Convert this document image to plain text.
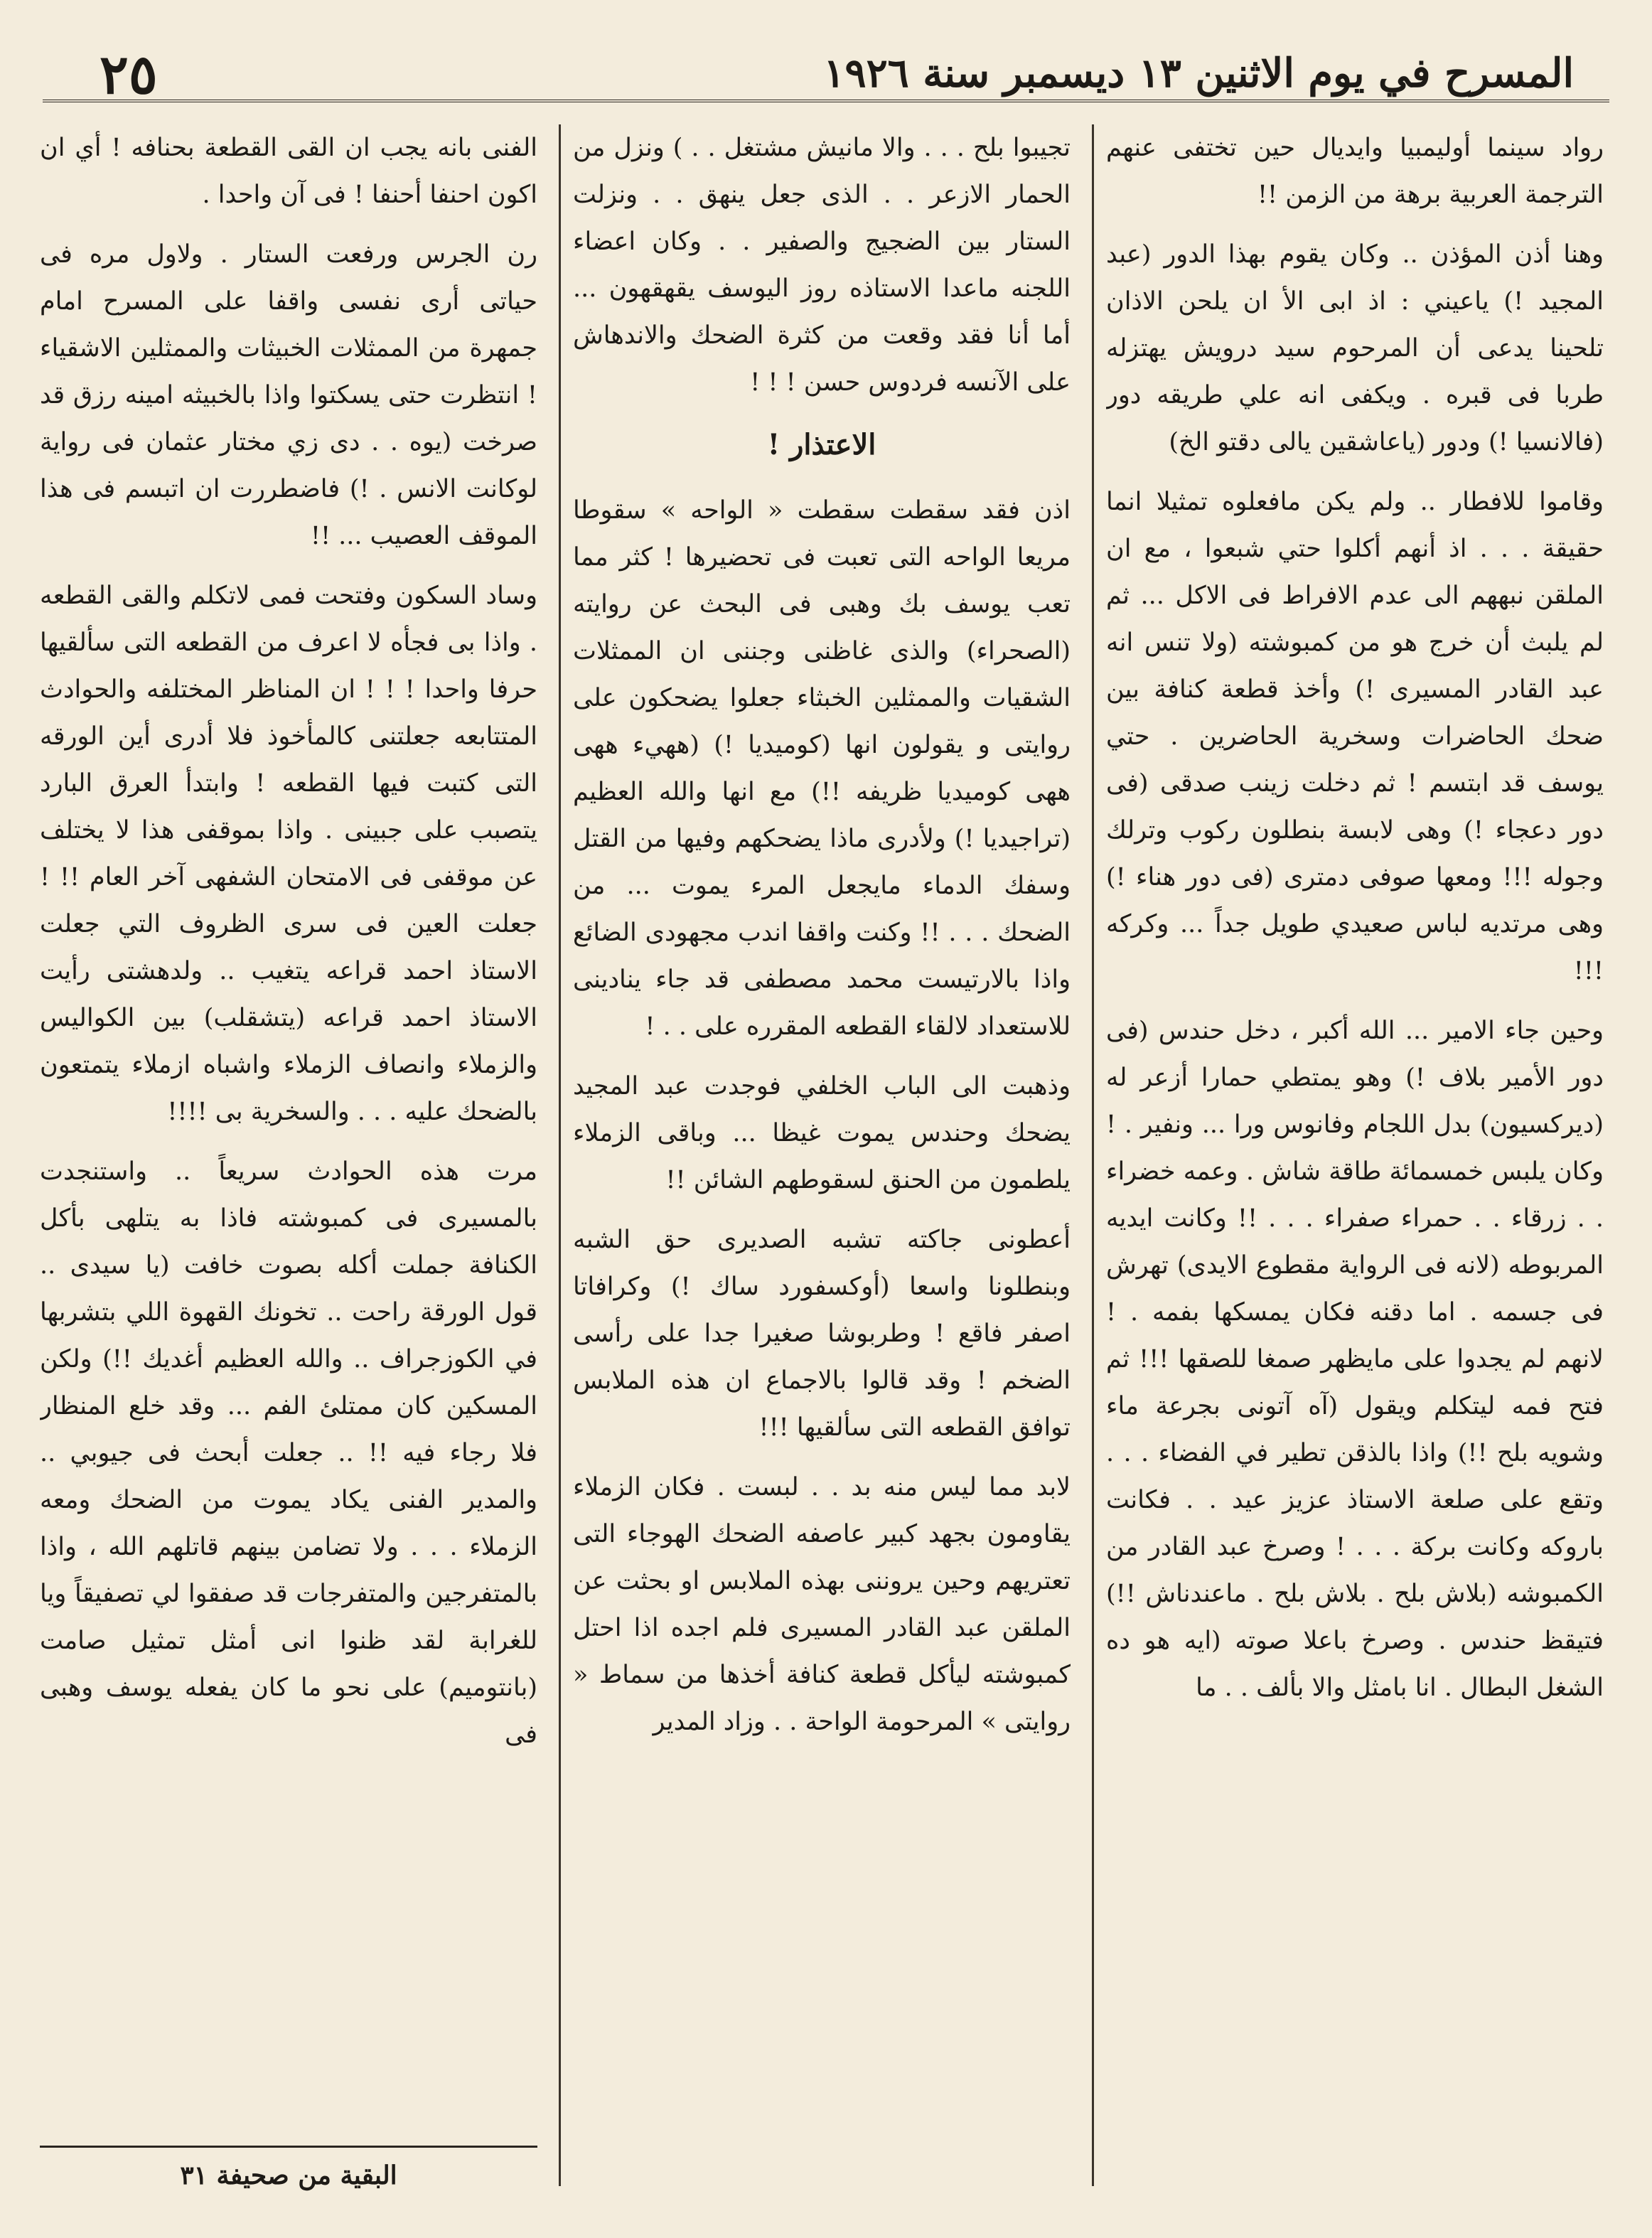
٢٥	المسرح في يوم الاثنين ١٣ ديسمبر سنة ١٩٢٦

رواد سينما أوليمبيا وايديال حين تختفى عنهم الترجمة العربية برهة من الزمن !!

وهنا أذن المؤذن .. وكان يقوم بهذا الدور (عبد المجيد !) ياعيني : اذ ابى الأ ان يلحن الاذان تلحينا يدعى أن المرحوم سيد درويش يهتزله طربا فى قبره . ويكفى انه علي طريقه دور (فالانسيا !) ودور (ياعاشقين يالى دقتو الخ)

وقاموا للافطار .. ولم يكن مافعلوه تمثيلا انما حقيقة . . . اذ أنهم أكلوا حتي شبعوا ، مع ان الملقن نبههم الى عدم الافراط فى الاكل ... ثم لم يلبث أن خرج هو من كمبوشته (ولا تنس انه عبد القادر المسيرى !) وأخذ قطعة كنافة بين ضحك الحاضرات وسخرية الحاضرين . حتي يوسف قد ابتسم ! ثم دخلت زينب صدقى (فى دور دعجاء !) وهى لابسة بنطلون ركوب وترلك وجوله !!! ومعها صوفى دمترى (فى دور هناء !) وهى مرتديه لباس صعيدي طويل جداً ... وكركه !!!

وحين جاء الامير ... الله أكبر ، دخل حندس (فى دور الأمير بلاف !) وهو يمتطي حمارا أزعر له (ديركسيون) بدل اللجام وفانوس ورا ... ونفير . ! وكان يلبس خمسمائة طاقة شاش . وعمه خضراء . . زرقاء . . حمراء صفراء . . . !! وكانت ايديه المربوطه (لانه فى الرواية مقطوع الايدى) تهرش فى جسمه . اما دقنه فكان يمسكها بفمه . ! لانهم لم يجدوا على مايظهر صمغا للصقها !!! ثم فتح فمه ليتكلم ويقول (آه آتونى بجرعة ماء وشويه بلح !!) واذا بالذقن تطير في الفضاء . . . وتقع على صلعة الاستاذ عزيز عيد . . فكانت باروكه وكانت بركة . . . ! وصرخ عبد القادر من الكمبوشه (بلاش بلح . بلاش بلح . ماعندناش !!) فتيقظ حندس . وصرخ باعلا صوته (ايه هو ده الشغل البطال . انا بامثل والا بألف . . ما

تجيبوا بلح . . . والا مانيش مشتغل . . ) ونزل من الحمار الازعر . . الذى جعل ينهق . . ونزلت الستار بين الضجيج والصفير . . وكان اعضاء اللجنه ماعدا الاستاذه روز اليوسف يقهقهون ... أما أنا فقد وقعت من كثرة الضحك والاندهاش على الآنسه فردوس حسن ! ! !

الاعتذار !

اذن فقد سقطت سقطت « الواحه » سقوطا مريعا الواحه التى تعبت فى تحضيرها ! كثر مما تعب يوسف بك وهبى فى البحث عن روايته (الصحراء) والذى غاظنى وجننى ان الممثلات الشقيات والممثلين الخبثاء جعلوا يضحكون على روايتى و يقولون انها (كوميديا !) (ههيء ههى ههى كوميديا ظريفه !!) مع انها والله العظيم (تراجيديا !) ولأدرى ماذا يضحكهم وفيها من القتل وسفك الدماء مايجعل المرء يموت ... من الضحك . . . !! وكنت واقفا اندب مجهودى الضائع واذا بالارتيست محمد مصطفى قد جاء ينادينى للاستعداد لالقاء القطعه المقرره على . . !

وذهبت الى الباب الخلفي فوجدت عبد المجيد يضحك وحندس يموت غيظا ... وباقى الزملاء يلطمون من الحنق لسقوطهم الشائن !!

أعطونى جاكته تشبه الصديرى حق الشبه وبنطلونا واسعا (أوكسفورد ساك !) وكرافاتا اصفر فاقع ! وطربوشا صغيرا جدا على رأسى الضخم ! وقد قالوا بالاجماع ان هذه الملابس توافق القطعه التى سألقيها !!!

لابد مما ليس منه بد . . لبست . فكان الزملاء يقاومون بجهد كبير عاصفه الضحك الهوجاء التى تعتريهم وحين يروننى بهذه الملابس او بحثت عن الملقن عبد القادر المسيرى فلم اجده اذا احتل كمبوشته ليأكل قطعة كنافة أخذها من سماط « روايتى » المرحومة الواحة . . وزاد المدير

الفنى بانه يجب ان القى القطعة بحنافه ! أي ان اكون احنفا أحنفا ! فى آن واحدا .

رن الجرس ورفعت الستار . ولاول مره فى حياتى أرى نفسى واقفا على المسرح امام جمهرة من الممثلات الخبيثات والممثلين الاشقياء ! انتظرت حتى يسكتوا واذا بالخبيثه امينه رزق قد صرخت (يوه . . دى زي مختار عثمان فى رواية لوكانت الانس . !) فاضطررت ان اتبسم فى هذا الموقف العصيب ... !!

وساد السكون وفتحت فمى لاتكلم والقى القطعه . واذا بى فجأه لا اعرف من القطعه التى سألقيها حرفا واحدا ! ! ! ان المناظر المختلفه والحوادث المتتابعه جعلتنى كالمأخوذ فلا أدرى أين الورقه التى كتبت فيها القطعه ! وابتدأ العرق البارد يتصبب على جبينى . واذا بموقفى هذا لا يختلف عن موقفى فى الامتحان الشفهى آخر العام !! ! جعلت العين فى سرى الظروف التي جعلت الاستاذ احمد قراعه يتغيب .. ولدهشتى رأيت الاستاذ احمد قراعه (يتشقلب) بين الكواليس والزملاء وانصاف الزملاء واشباه ازملاء يتمتعون بالضحك عليه . . . والسخرية بى !!!!

مرت هذه الحوادث سريعاً .. واستنجدت بالمسيرى فى كمبوشته فاذا به يتلهى بأكل الكنافة جملت أكله بصوت خافت (يا سيدى .. قول الورقة راحت .. تخونك القهوة اللي بتشربها في الكوزجراف .. والله العظيم أغديك !!) ولكن المسكين كان ممتلئ الفم ... وقد خلع المنظار فلا رجاء فيه !! .. جعلت أبحث فى جيوبي .. والمدير الفنى يكاد يموت من الضحك ومعه الزملاء . . . ولا تضامن بينهم قاتلهم الله ، واذا بالمتفرجين والمتفرجات قد صفقوا لي تصفيقاً ويا للغرابة لقد ظنوا انى أمثل تمثيل صامت (بانتوميم) على نحو ما كان يفعله يوسف وهبى فى

البقية من صحيفة ٣١
